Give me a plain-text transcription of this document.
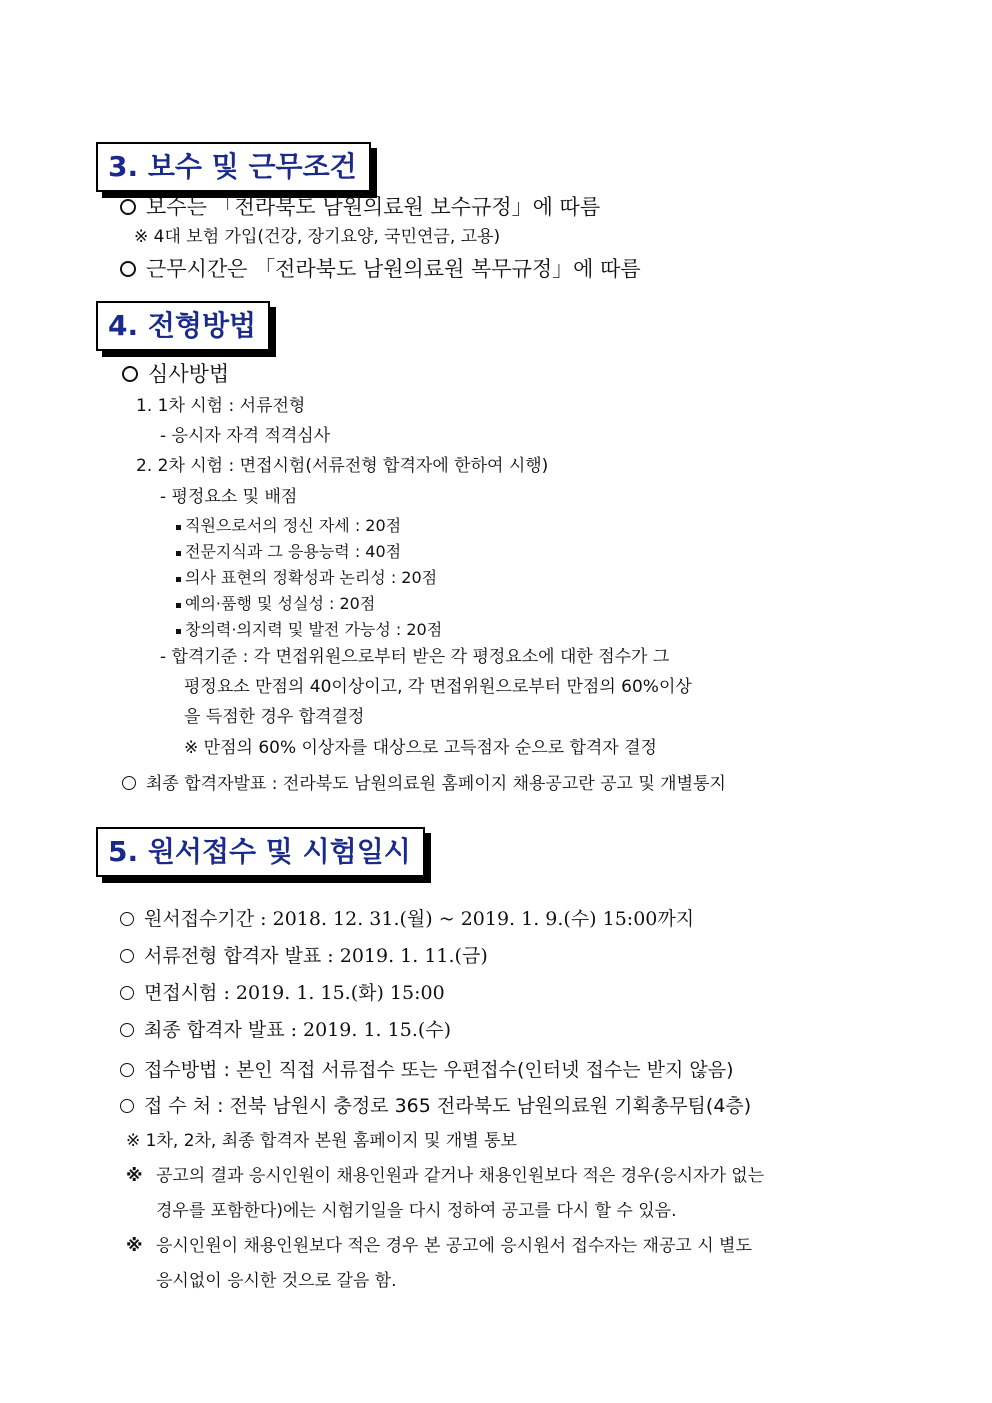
3. 보수 및 근무조건
보수는 「전라북도 남원의료원 보수규정」에 따름
※ 4대 보험 가입(건강, 장기요양, 국민연금, 고용)
근무시간은 「전라북도 남원의료원 복무규정」에 따름
4. 전형방법
심사방법
1. 1차 시험 : 서류전형
- 응시자 자격 적격심사
2. 2차 시험 : 면접시험(서류전형 합격자에 한하여 시행)
- 평정요소 및 배점
직원으로서의 정신 자세 : 20점
전문지식과 그 응용능력 : 40점
의사 표현의 정확성과 논리성 : 20점
예의·품행 및 성실성 : 20점
창의력·의지력 및 발전 가능성 : 20점
- 합격기준 : 각 면접위원으로부터 받은 각 평정요소에 대한 점수가 그
평정요소 만점의 40이상이고, 각 면접위원으로부터 만점의 60%이상
을 득점한 경우 합격결정
※ 만점의 60% 이상자를 대상으로 고득점자 순으로 합격자 결정
최종 합격자발표 : 전라북도 남원의료원 홈페이지 채용공고란 공고 및 개별통지
5. 원서접수 및 시험일시
원서접수기간 : 2018. 12. 31.(월) ~ 2019. 1. 9.(수) 15:00까지
서류전형 합격자 발표 : 2019. 1. 11.(금)
면접시험 : 2019. 1. 15.(화) 15:00
최종 합격자 발표 : 2019. 1. 15.(수)
접수방법 : 본인 직접 서류접수 또는 우편접수(인터넷 접수는 받지 않음)
접 수 처 : 전북 남원시 충정로 365 전라북도 남원의료원 기획총무팀(4층)
※ 1차, 2차, 최종 합격자 본원 홈페이지 및 개별 통보
※ 공고의 결과 응시인원이 채용인원과 같거나 채용인원보다 적은 경우(응시자가 없는
경우를 포함한다)에는 시험기일을 다시 정하여 공고를 다시 할 수 있음.
※ 응시인원이 채용인원보다 적은 경우 본 공고에 응시원서 접수자는 재공고 시 별도
응시없이 응시한 것으로 갈음 함.
